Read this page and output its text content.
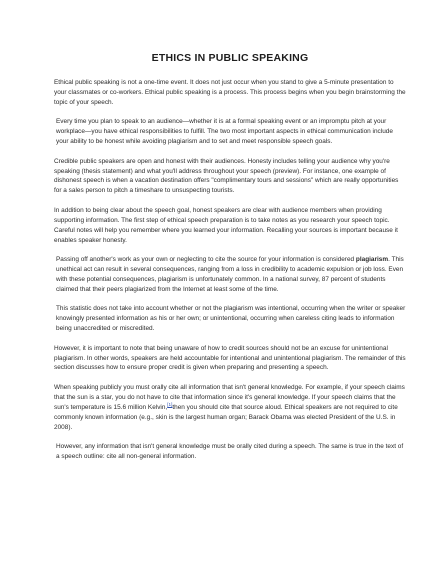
ETHICS IN PUBLIC SPEAKING

Ethical public speaking is not a one-time event. It does not just occur when you stand to give a 5-minute presentation to your classmates or co-workers. Ethical public speaking is a process. This process begins when you begin brainstorming the topic of your speech.

Every time you plan to speak to an audience—whether it is at a formal speaking event or an impromptu pitch at your workplace—you have ethical responsibilities to fulfill. The two most important aspects in ethical communication include your ability to be honest while avoiding plagiarism and to set and meet responsible speech goals.

Credible public speakers are open and honest with their audiences. Honesty includes telling your audience why you're speaking (thesis statement) and what you'll address throughout your speech (preview). For instance, one example of dishonest speech is when a vacation destination offers "complimentary tours and sessions" which are really opportunities for a sales person to pitch a timeshare to unsuspecting tourists.

In addition to being clear about the speech goal, honest speakers are clear with audience members when providing supporting information. The first step of ethical speech preparation is to take notes as you research your speech topic. Careful notes will help you remember where you learned your information. Recalling your sources is important because it enables speaker honesty.

Passing off another's work as your own or neglecting to cite the source for your information is considered plagiarism. This unethical act can result in several consequences, ranging from a loss in credibility to academic expulsion or job loss. Even with these potential consequences, plagiarism is unfortunately common. In a national survey, 87 percent of students claimed that their peers plagiarized from the Internet at least some of the time.

This statistic does not take into account whether or not the plagiarism was intentional, occurring when the writer or speaker knowingly presented information as his or her own; or unintentional, occurring when careless citing leads to information being unaccredited or miscredited.

However, it is important to note that being unaware of how to credit sources should not be an excuse for unintentional plagiarism. In other words, speakers are held accountable for intentional and unintentional plagiarism. The remainder of this section discusses how to ensure proper credit is given when preparing and presenting a speech.

When speaking publicly you must orally cite all information that isn't general knowledge. For example, if your speech claims that the sun is a star, you do not have to cite that information since it's general knowledge. If your speech claims that the sun's temperature is 15.6 million Kelvin,[1]then you should cite that source aloud. Ethical speakers are not required to cite commonly known information (e.g., skin is the largest human organ; Barack Obama was elected President of the U.S. in 2008).

However, any information that isn't general knowledge must be orally cited during a speech. The same is true in the text of a speech outline: cite all non-general information.
